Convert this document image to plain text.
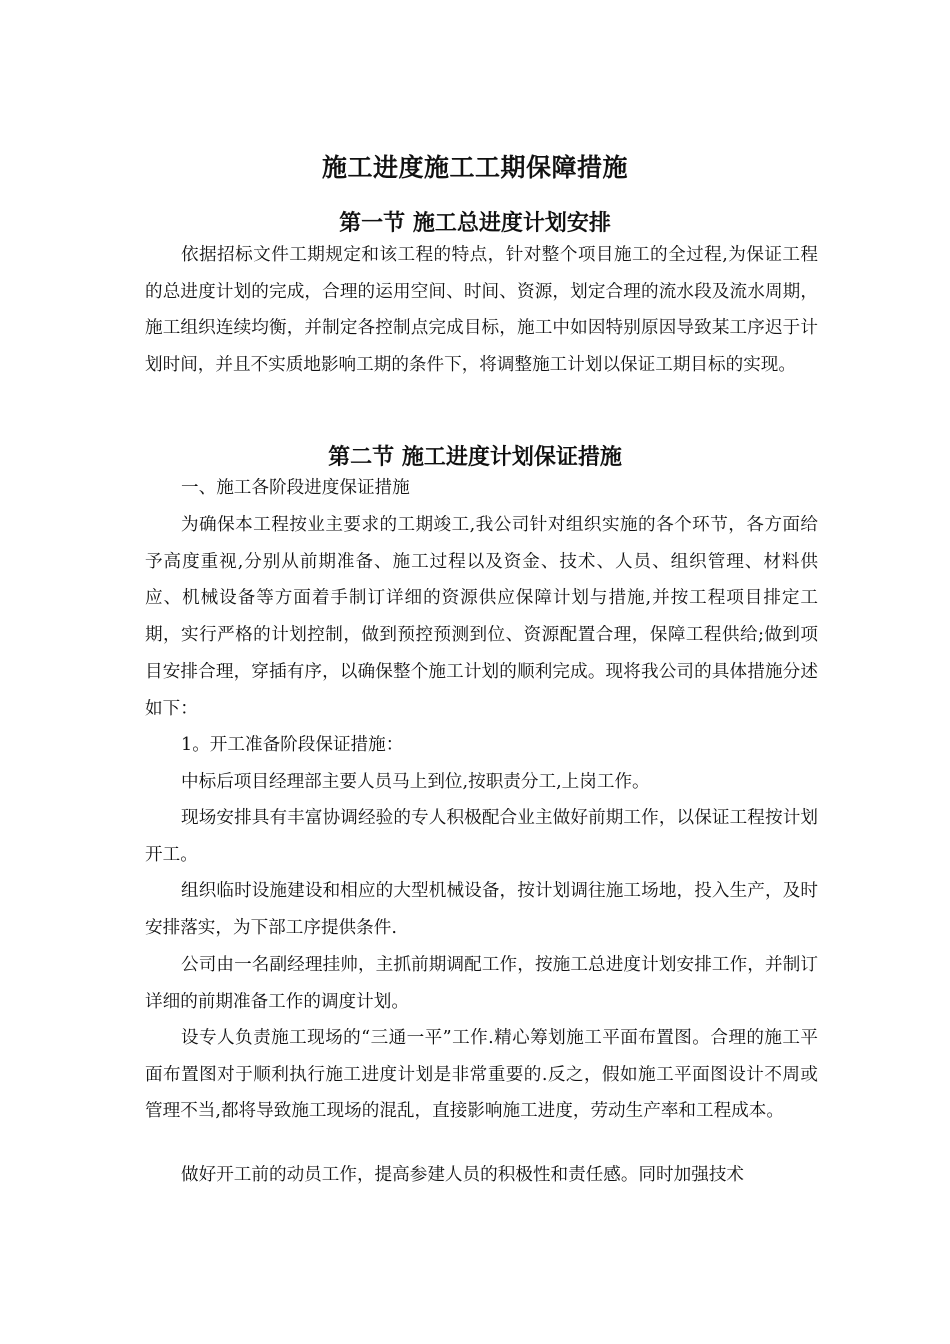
施工进度施工工期保障措施
第一节 施工总进度计划安排

依据招标文件工期规定和该工程的特点，针对整个项目施工的全过程,为保证工程的总进度计划的完成，合理的运用空间、时间、资源，划定合理的流水段及流水周期，施工组织连续均衡，并制定各控制点完成目标，施工中如因特别原因导致某工序迟于计划时间，并且不实质地影响工期的条件下，将调整施工计划以保证工期目标的实现。

第二节 施工进度计划保证措施

一、施工各阶段进度保证措施

为确保本工程按业主要求的工期竣工,我公司针对组织实施的各个环节，各方面给予高度重视,分别从前期准备、施工过程以及资金、技术、人员、组织管理、材料供应、机械设备等方面着手制订详细的资源供应保障计划与措施,并按工程项目排定工期，实行严格的计划控制，做到预控预测到位、资源配置合理，保障工程供给;做到项目安排合理，穿插有序，以确保整个施工计划的顺利完成。现将我公司的具体措施分述如下：

1。开工准备阶段保证措施：

中标后项目经理部主要人员马上到位,按职责分工,上岗工作。

现场安排具有丰富协调经验的专人积极配合业主做好前期工作，以保证工程按计划开工。

组织临时设施建设和相应的大型机械设备，按计划调往施工场地，投入生产，及时安排落实，为下部工序提供条件.

公司由一名副经理挂帅，主抓前期调配工作，按施工总进度计划安排工作，并制订详细的前期准备工作的调度计划。

设专人负责施工现场的“三通一平”工作.精心筹划施工平面布置图。合理的施工平面布置图对于顺利执行施工进度计划是非常重要的.反之，假如施工平面图设计不周或管理不当,都将导致施工现场的混乱，直接影响施工进度，劳动生产率和工程成本。

做好开工前的动员工作，提高参建人员的积极性和责任感。同时加强技术
